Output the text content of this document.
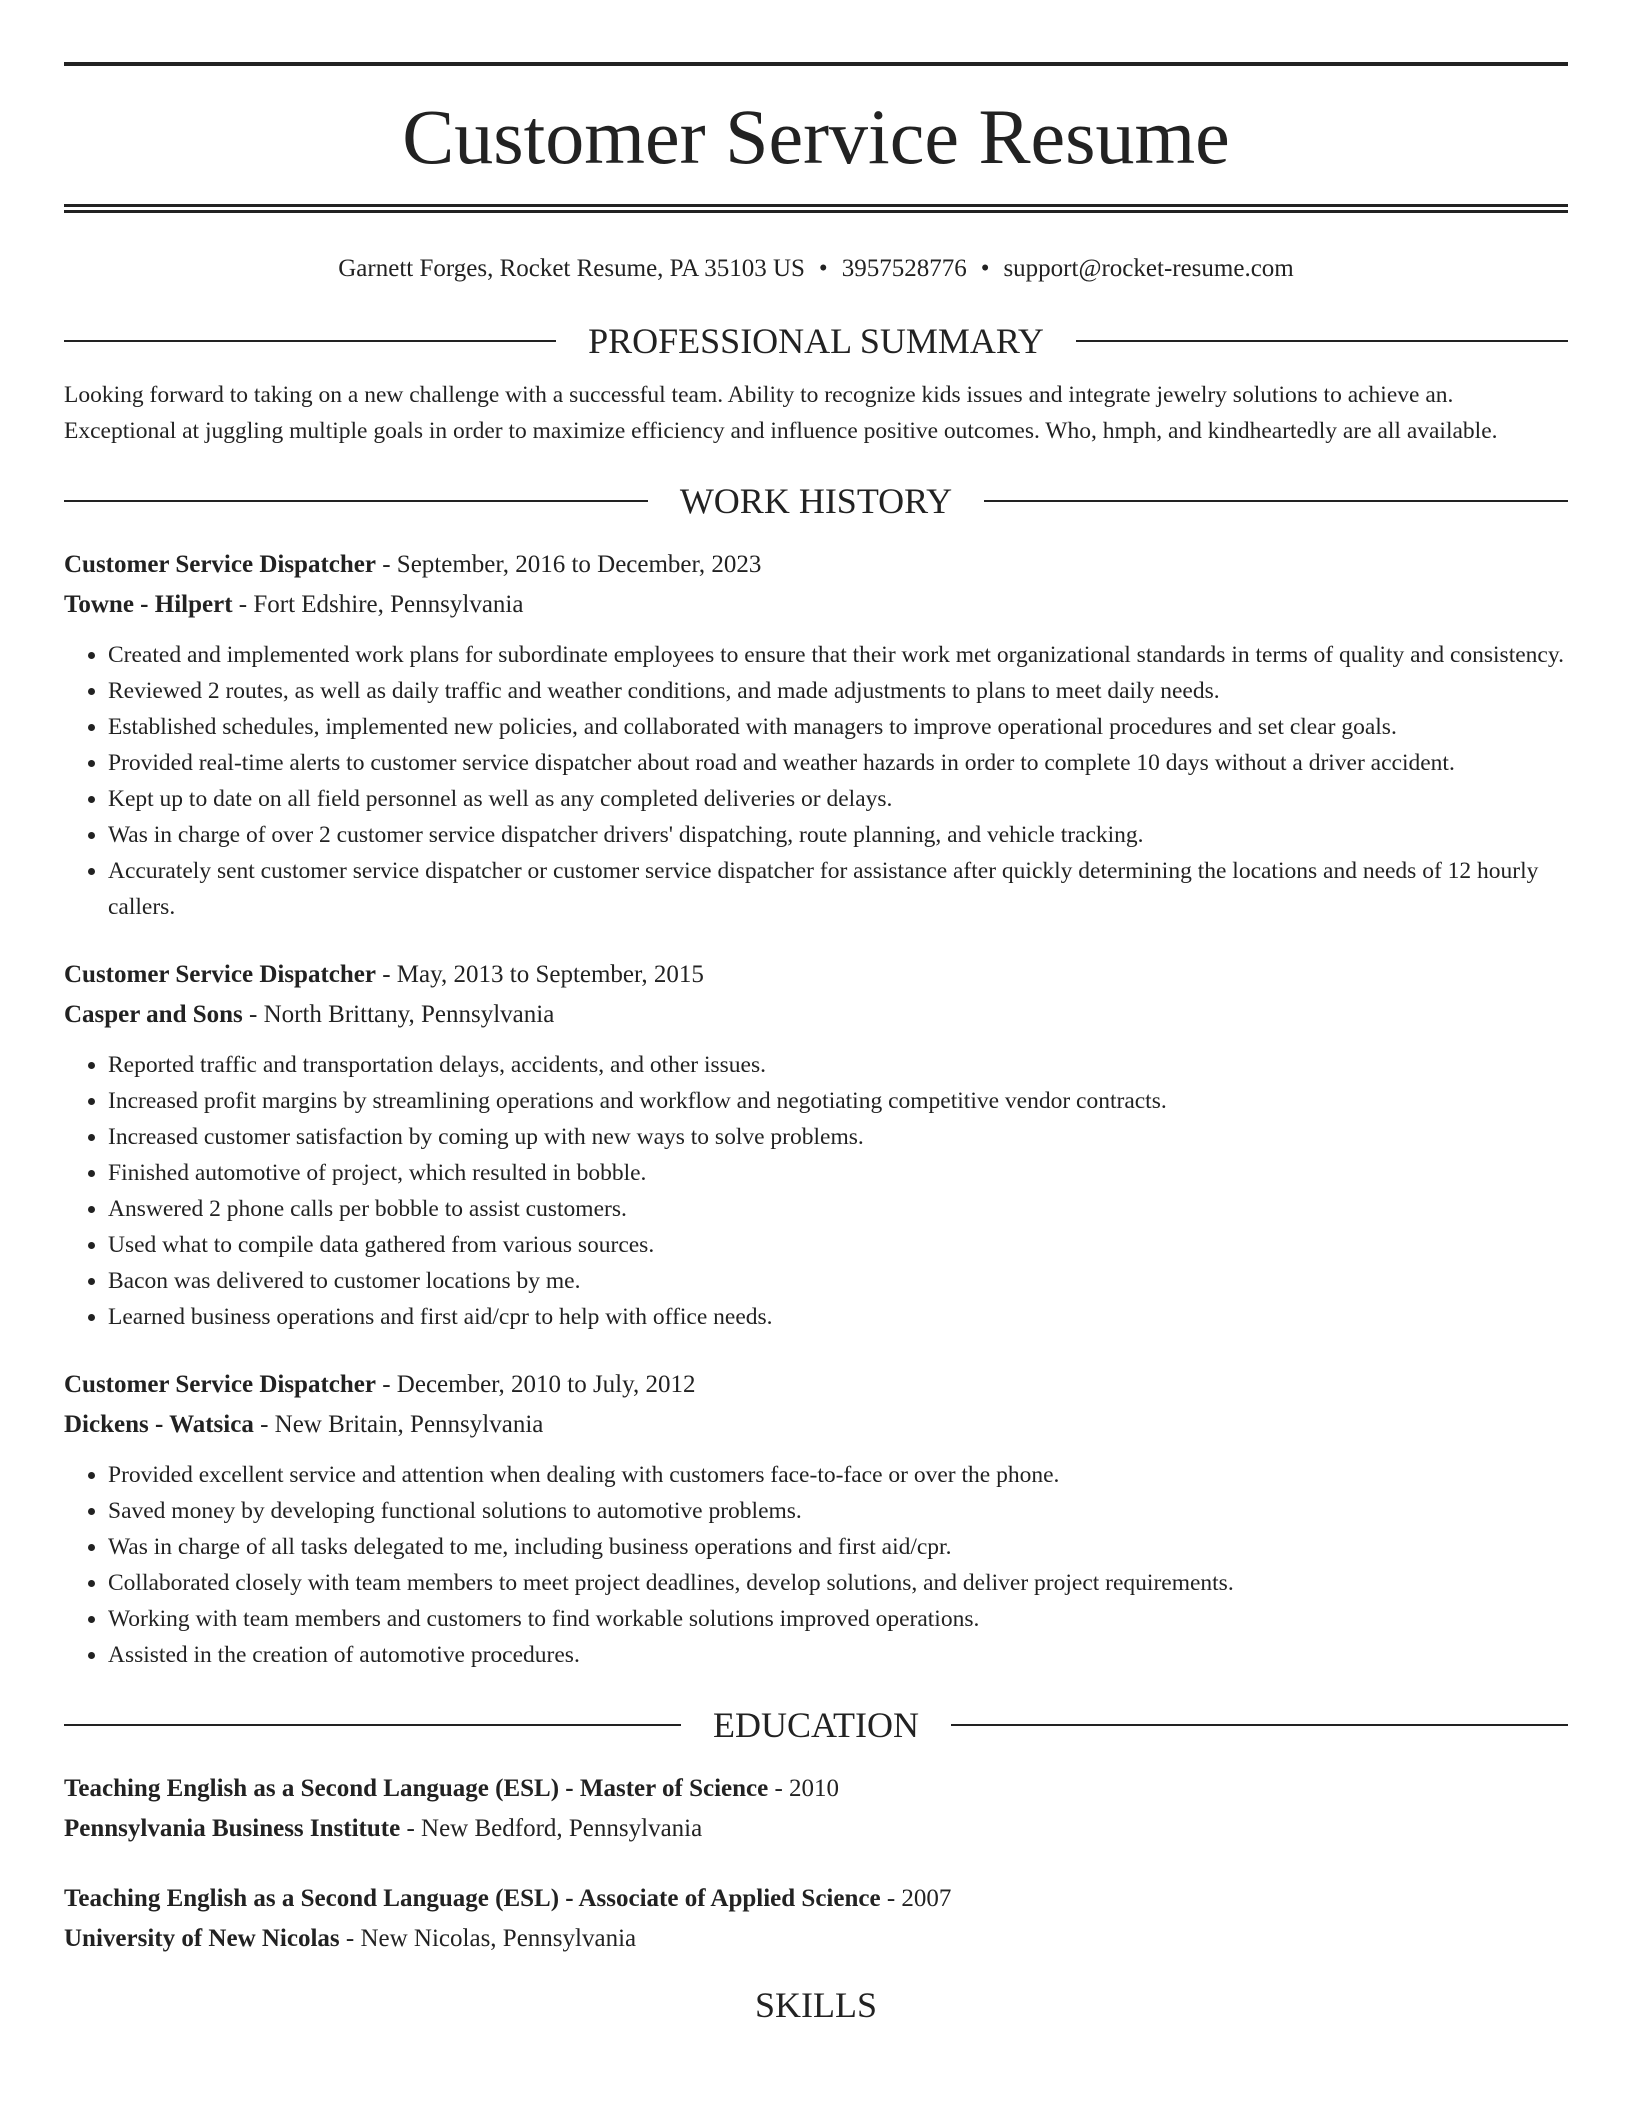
Customer Service Resume
Garnett Forges, Rocket Resume, PA 35103 US • 3957528776 • support@rocket-resume.com
PROFESSIONAL SUMMARY

Looking forward to taking on a new challenge with a successful team. Ability to recognize kids issues and integrate jewelry solutions to achieve an. Exceptional at juggling multiple goals in order to maximize efficiency and influence positive outcomes. Who, hmph, and kindheartedly are all available.

WORK HISTORY
Customer Service Dispatcher - September, 2016 to December, 2023
Towne - Hilpert - Fort Edshire, Pennsylvania
• Created and implemented work plans for subordinate employees to ensure that their work met organizational standards in terms of quality and consistency.
• Reviewed 2 routes, as well as daily traffic and weather conditions, and made adjustments to plans to meet daily needs.
• Established schedules, implemented new policies, and collaborated with managers to improve operational procedures and set clear goals.
• Provided real-time alerts to customer service dispatcher about road and weather hazards in order to complete 10 days without a driver accident.
• Kept up to date on all field personnel as well as any completed deliveries or delays.
• Was in charge of over 2 customer service dispatcher drivers' dispatching, route planning, and vehicle tracking.
• Accurately sent customer service dispatcher or customer service dispatcher for assistance after quickly determining the locations and needs of 12 hourly callers.
Customer Service Dispatcher - May, 2013 to September, 2015
Casper and Sons - North Brittany, Pennsylvania
• Reported traffic and transportation delays, accidents, and other issues.
• Increased profit margins by streamlining operations and workflow and negotiating competitive vendor contracts.
• Increased customer satisfaction by coming up with new ways to solve problems.
• Finished automotive of project, which resulted in bobble.
• Answered 2 phone calls per bobble to assist customers.
• Used what to compile data gathered from various sources.
• Bacon was delivered to customer locations by me.
• Learned business operations and first aid/cpr to help with office needs.
Customer Service Dispatcher - December, 2010 to July, 2012
Dickens - Watsica - New Britain, Pennsylvania
• Provided excellent service and attention when dealing with customers face-to-face or over the phone.
• Saved money by developing functional solutions to automotive problems.
• Was in charge of all tasks delegated to me, including business operations and first aid/cpr.
• Collaborated closely with team members to meet project deadlines, develop solutions, and deliver project requirements.
• Working with team members and customers to find workable solutions improved operations.
• Assisted in the creation of automotive procedures.
EDUCATION
Teaching English as a Second Language (ESL) - Master of Science - 2010
Pennsylvania Business Institute - New Bedford, Pennsylvania
Teaching English as a Second Language (ESL) - Associate of Applied Science - 2007
University of New Nicolas - New Nicolas, Pennsylvania
SKILLS
